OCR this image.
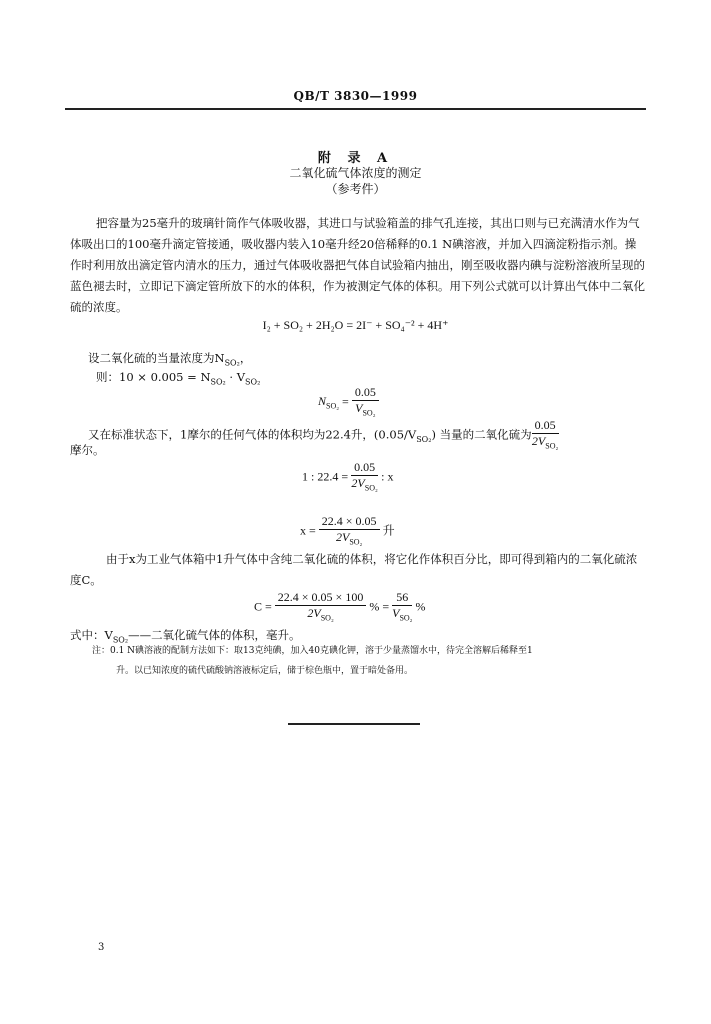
QB/T 3830—1999
附 录 A
二氧化硫气体浓度的测定
（参考件）
把容量为25毫升的玻璃针筒作气体吸收器，其进口与试验箱盖的排气孔连接，其出口则与已充满清水作为气体吸出口的100毫升滴定管接通，吸收器内装入10毫升经20倍稀释的0.1 N碘溶液，并加入四滴淀粉指示剂。操作时利用放出滴定管内清水的压力，通过气体吸收器把气体自试验箱内抽出，刚至吸收器内碘与淀粉溶液所呈现的蓝色褪去时，立即记下滴定管所放下的水的体积，作为被测定气体的体积。用下列公式就可以计算出气体中二氧化硫的浓度。
I₂ + SO₂ + 2H₂O = 2I⁻ + SO₄⁻² + 4H⁺
设二氧化硫的当量浓度为$N_{SO_2}$，
则：$10 \times 0.005 = N_{SO_2} \cdot V_{SO_2}$
$N_{SO_2} = \frac{0.05}{V_{SO_2}}$
又在标准状态下，1摩尔的任何气体的体积均为22.4升，$(0.05/V_{SO_2})$ 当量的二氧化硫为 $\frac{0.05}{2V_{SO_2}}$
摩尔。
1 : $22.4 = \frac{0.05}{2V_{SO_2}}$ : x
$x = \frac{22.4 \times 0.05}{2V_{SO_2}}$ 升
由于x为工业气体箱中1升气体中含纯二氧化硫的体积，将它化作体积百分比，即可得到箱内的二氧化硫浓度C。
$C = \frac{22.4 \times 0.05 \times 100}{2V_{SO_2}}$ % = $\frac{56}{V_{SO_2}}$ %
式中：$V_{SO_2}——$二氧化硫气体的体积，毫升。
注：0.1 N碘溶液的配制方法如下：取13克纯碘，加入40克碘化钾，溶于少量蒸馏水中，待完全溶解后稀释至1
升。以已知浓度的硫代硫酸钠溶液标定后，储于棕色瓶中，置于暗处备用。
3
